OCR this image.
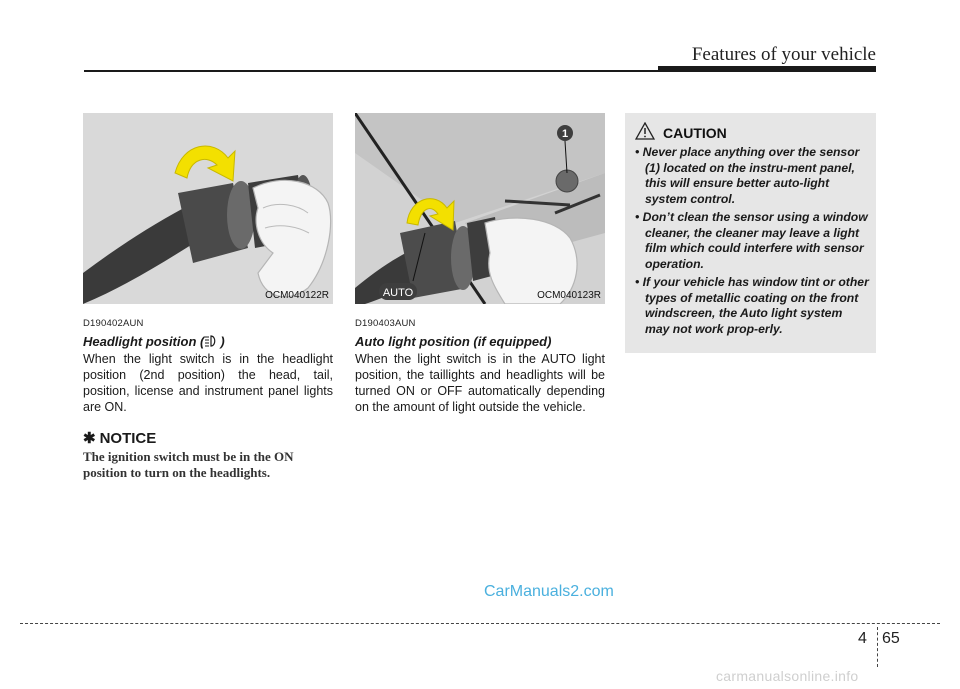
Features of your vehicle
OCM040122R
1
AUTO	OCM040123R
D190402AUN
Headlight position ( )
When the light switch is in the headlight position (2nd position) the head, tail, position, license and instrument panel lights are ON.
✱ NOTICE
The ignition switch must be in the ON position to turn on the headlights.
D190403AUN
Auto light position (if equipped)
When the light switch is in the AUTO light position, the taillights and headlights will be turned ON or OFF automatically depending on the amount of light outside the vehicle.
CAUTION
• Never place anything over the sensor (1) located on the instru-ment panel, this will ensure better auto-light system control.
• Don’t clean the sensor using a window cleaner, the cleaner may leave a light film which could interfere with sensor operation.
• If your vehicle has window tint or other types of metallic coating on the front windscreen, the Auto light system may not work prop-erly.
CarManuals2.com
4 65
carmanualsonline.info
